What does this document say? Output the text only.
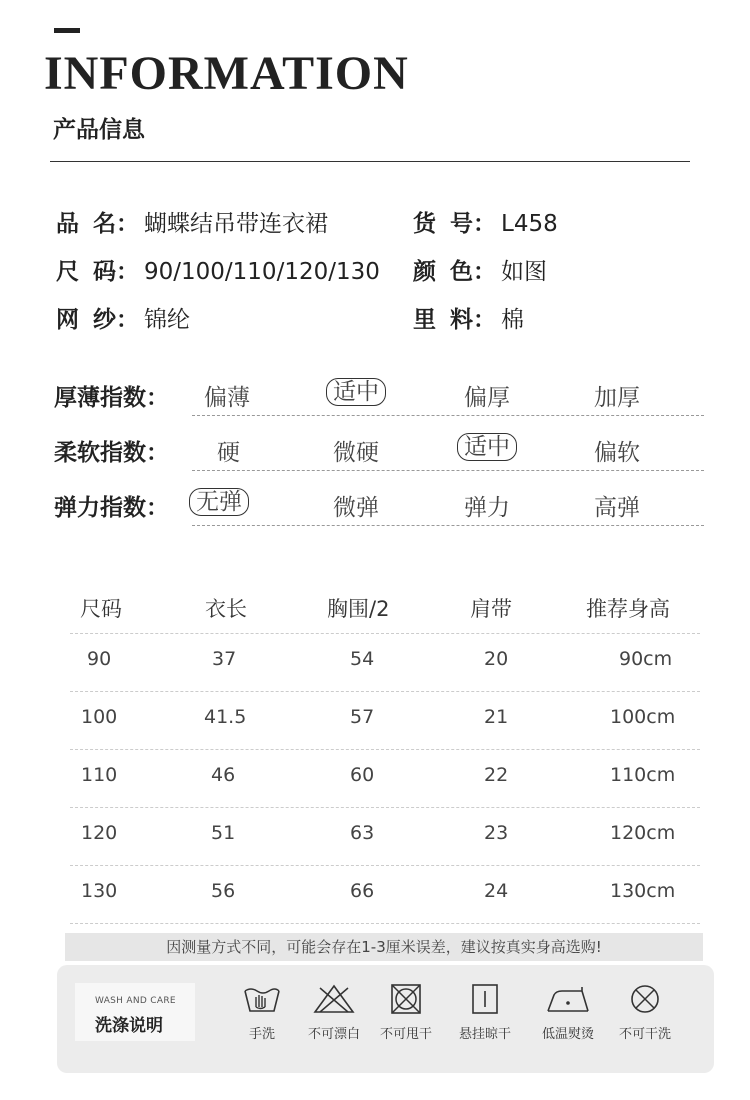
INFORMATION
产品信息
品 名： 蝴蝶结吊带连衣裙	货 号： L458
尺 码： 90/100/110/120/130 颜 色： 如图
网 纱： 锦纶	里 料： 棉
厚薄指数： 偏薄	适中	偏厚	加厚
柔软指数： 硬	微硬	适中	偏软
弹力指数：	无弹	微弹	弹力	高弹
尺码	衣长	胸围/2	肩带	推荐身高
90	37	54	20	90cm
100	41.5	57	21	100cm
110	46	60	22	110cm
120	51	63	23	120cm
130	56	66	24	130cm
因测量方式不同，可能会存在1-3厘米误差，建议按真实身高选购!
WASH AND CARE
洗涤说明	手洗	不可漂白	不可甩干	悬挂晾干	低温熨烫	不可干洗
